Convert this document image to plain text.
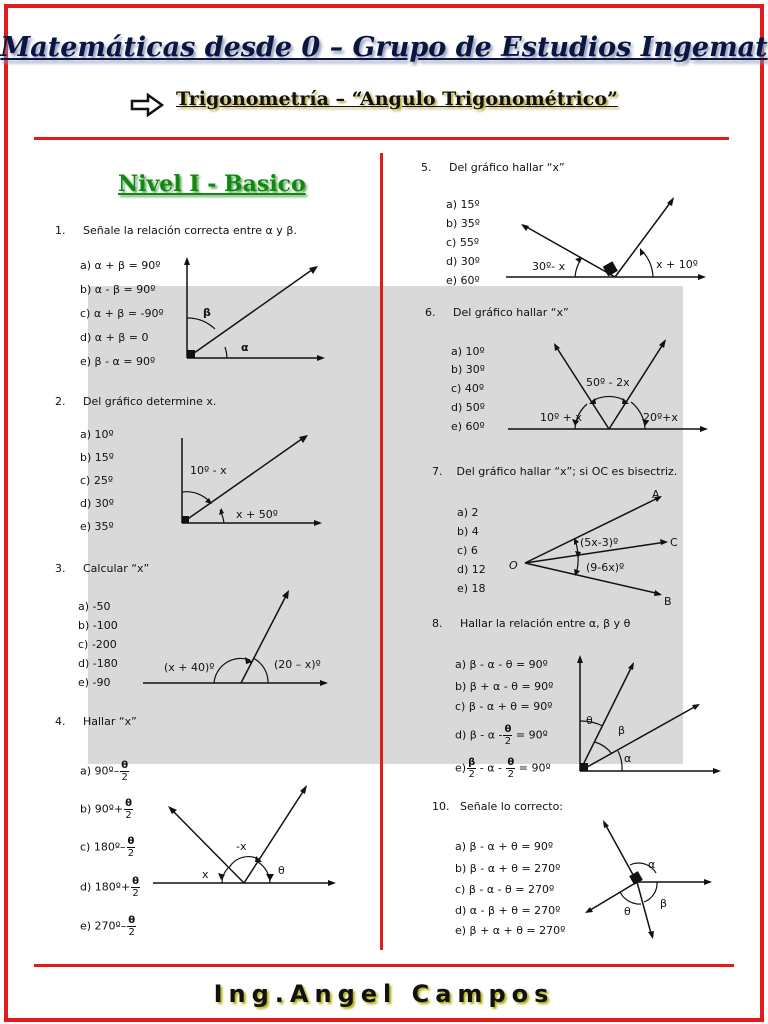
Matemáticas desde 0 – Grupo de Estudios Ingemat
Trigonometría – “Angulo Trigonométrico”
Nivel I - Basico
1. Señale la relación correcta entre α y β.
a) α + β = 90º
b) α - β = 90º
c) α + β = -90º
d) α + β = 0
e) β - α = 90º
β
α
2. Del gráfico determine x.
a) 10º
b) 15º
c) 25º
d) 30º
e) 35º
10º - x
x + 50º
3. Calcular “x”
a) -50
b) -100
c) -200
d) -180
e) -90
(x + 40)º	(20 – x)º
4. Hallar “x”
a) 90º– $\frac{\theta}{2}$
b) 90º+ $\frac{\theta}{2}$
c) 180º– $\frac{\theta}{2}$
d) 180º+ $\frac{\theta}{2}$
e) 270º– $\frac{\theta}{2}$
-x
x	θ
5. Del gráfico hallar “x”
a) 15º
b) 35º
c) 55º
d) 30º
e) 60º
30º- x	x + 10º
6. Del gráfico hallar “x”
a) 10º
b) 30º
c) 40º
d) 50º
e) 60º
50º - 2x
10º + x	20º+x
7. Del gráfico hallar “x”; si OC es bisectriz.
a) 2
b) 4
c) 6
d) 12
e) 18
A
C
B
O
(5x-3)º
(9-6x)º
8. Hallar la relación entre α, β y θ
a) β - α - θ = 90º
b) β + α - θ = 90º
c) β - α + θ = 90º
d) β - α - $\frac{\theta}{2}$ = 90º
$e) \frac{\beta}{2}$ - α - $\frac{\theta}{2}$ = 90º
θ
β
α
10. Señale lo correcto:
a) β - α + θ = 90º
b) β - α + θ = 270º
c) β - α - θ = 270º
d) α - β + θ = 270º
e) β + α + θ = 270º
α
β
θ
Ing.Angel Campos
